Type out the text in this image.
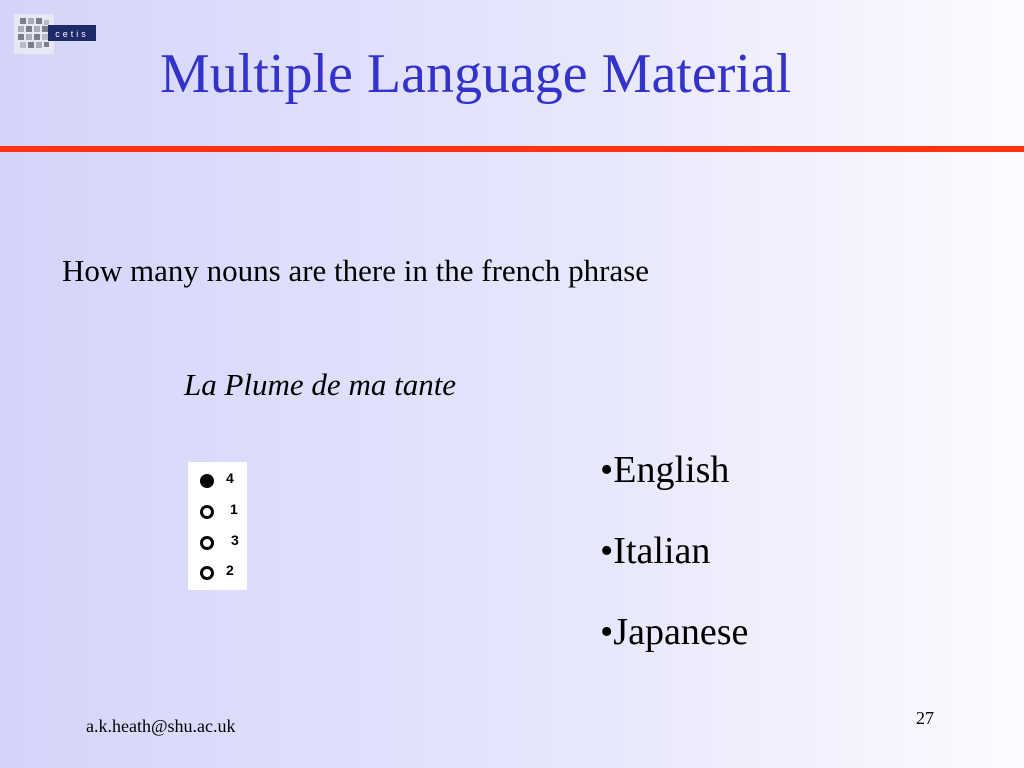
cetis
Multiple Language Material
How many nouns are there in the french phrase
La Plume de ma tante
4
1
3
2
•English
•Italian
•Japanese
a.k.heath@shu.ac.uk	27
